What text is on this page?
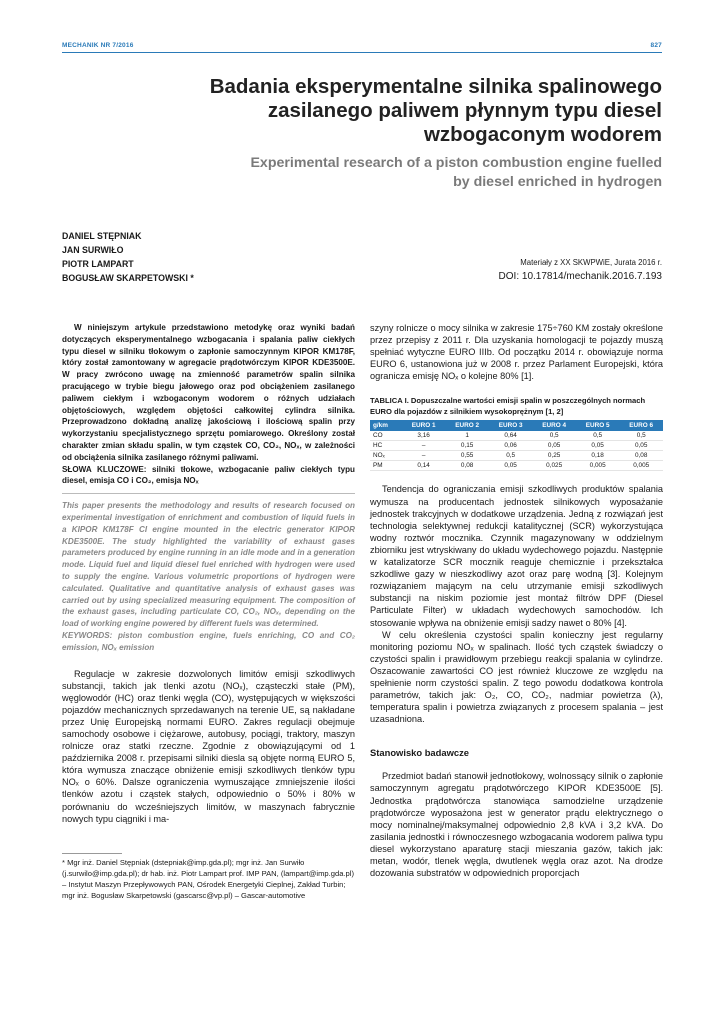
MECHANIK NR 7/2016	827
Badania eksperymentalne silnika spalinowego
zasilanego paliwem płynnym typu diesel
wzbogaconym wodorem
Experimental research of a piston combustion engine fuelled
by diesel enriched in hydrogen
DANIEL STĘPNIAK
JAN SURWIŁO
PIOTR LAMPART
BOGUSŁAW SKARPETOWSKI *
Materiały z XX SKWPWiE, Jurata 2016 r.
DOI: 10.17814/mechanik.2016.7.193

W niniejszym artykule przedstawiono metodykę oraz wyniki badań dotyczących eksperymentalnego wzbogacania i spalania paliw ciekłych typu diesel w silniku tłokowym o zapłonie samoczynnym KIPOR KM178F, który został zamontowany w agregacie prądotwórczym KIPOR KDE3500E. W pracy zwrócono uwagę na zmienność parametrów spalin silnika pracującego w trybie biegu jałowego oraz pod obciążeniem zasilanego paliwem ciekłym i wzbogaconym wodorem o różnych udziałach objętościowych, względem objętości całkowitej cylindra silnika. Przeprowadzono dokładną analizę jakościową i ilościową spalin przy wykorzystaniu specjalistycznego sprzętu pomiarowego. Określony został charakter zmian składu spalin, w tym cząstek CO, CO₂, NOₓ, w zależności od obciążenia silnika zasilanego różnymi paliwami.

SŁOWA KLUCZOWE: silniki tłokowe, wzbogacanie paliw ciekłych typu diesel, emisja CO i CO₂, emisja NOₓ

This paper presents the methodology and results of research focused on experimental investigation of enrichment and combustion of liquid fuels in a KIPOR KM178F CI engine mounted in the electric generator KIPOR KDE3500E. The study highlighted the variability of exhaust gases parameters produced by engine running in an idle mode and in a generation mode. Liquid fuel and liquid diesel fuel enriched with hydrogen were used to supply the engine. Various volumetric proportions of hydrogen were calculated. Qualitative and quantitative analysis of exhaust gases was carried out by using specialized measuring equipment. The composition of the exhaust gases, including particulate CO, CO₂, NOₓ, depending on the load of working engine powered by different fuels was determined.

KEYWORDS: piston combustion engine, fuels enriching, CO and CO₂ emission, NOₓ emission

Regulacje w zakresie dozwolonych limitów emisji szkodliwych substancji, takich jak tlenki azotu (NOₓ), cząsteczki stałe (PM), węglowodór (HC) oraz tlenki węgla (CO), występujących w większości pojazdów mechanicznych sprzedawanych na terenie UE, są nakładane przez Unię Europejską normami EURO. Zakres regulacji obejmuje samochody osobowe i ciężarowe, autobusy, pociągi, traktory, maszyn rolnicze oraz statki rzeczne. Zgodnie z obowiązującymi od 1 października 2008 r. przepisami silniki diesla są objęte normą EURO 5, która wymusza znaczące obniżenie emisji szkodliwych tlenków typu NOₓ o 60%. Dalsze ograniczenia wymuszające zmniejszenie ilości tlenków azotu i cząstek stałych, odpowiednio o 50% i 80% w porównaniu do wcześniejszych limitów, w maszynach fabrycznie nowych typu ciągniki i ma-

* Mgr inż. Daniel Stępniak (dstepniak@imp.gda.pl); mgr inż. Jan Surwiło (j.surwilo@imp.gda.pl); dr hab. inż. Piotr Lampart prof. IMP PAN, (lampart@imp.gda.pl) – Instytut Maszyn Przepływowych PAN, Ośrodek Energetyki Cieplnej, Zakład Turbin; mgr inż. Bogusław Skarpetowski (gascarsc@vp.pl) – Gascar-automotive

szyny rolnicze o mocy silnika w zakresie 175÷760 KM zostały określone przez przepisy z 2011 r. Dla uzyskania homologacji te pojazdy muszą spełniać wytyczne EURO IIIb. Od początku 2014 r. obowiązuje norma EURO 6, ustanowiona już w 2008 r. przez Parlament Europejski, która ogranicza emisję NOₓ o kolejne 80% [1].

TABLICA I. Dopuszczalne wartości emisji spalin w poszczególnych normach EURO dla pojazdów z silnikiem wysokoprężnym [1, 2]
g/km	EURO 1	EURO 2	EURO 3	EURO 4	EURO 5	EURO 6
CO	3,16	1	0,64	0,5	0,5	0,5
HC	–	0,15	0,06	0,05	0,05	0,05
NOₓ	–	0,55	0,5	0,25	0,18	0,08
PM	0,14	0,08	0,05	0,025	0,005	0,005

Tendencja do ograniczania emisji szkodliwych produktów spalania wymusza na producentach jednostek silnikowych wyposażanie jednostek trakcyjnych w dodatkowe urządzenia. Jedną z rozwiązań jest technologia selektywnej redukcji katalitycznej (SCR) wykorzystująca wodny roztwór mocznika. Czynnik magazynowany w oddzielnym zbiorniku jest wtryskiwany do układu wydechowego pojazdu. Następnie w katalizatorze SCR mocznik reaguje chemicznie i przekształca szkodliwe gazy w nieszkodliwy azot oraz parę wodną [3]. Kolejnym rozwiązaniem mającym na celu utrzymanie emisji szkodliwych substancji na niskim poziomie jest montaż filtrów DPF (Diesel Particulate Filter) w układach wydechowych samochodów. Ich stosowanie wpływa na obniżenie emisji sadzy nawet o 80% [4].

W celu określenia czystości spalin konieczny jest regularny monitoring poziomu NOₓ w spalinach. Ilość tych cząstek świadczy o czystości spalin i prawidłowym przebiegu reakcji spalania w cylindrze. Oszacowanie zawartości CO jest również kluczowe ze względu na spełnienie norm czystości spalin. Z tego powodu dodatkowa kontrola parametrów, takich jak: O₂, CO, CO₂, nadmiar powietrza (λ), temperatura spalin i powietrza związanych z procesem spalania – jest uzasadniona.

Stanowisko badawcze

Przedmiot badań stanowił jednotłokowy, wolnossący silnik o zapłonie samoczynnym agregatu prądotwórczego KIPOR KDE3500E [5]. Jednostka prądotwórcza stanowiąca samodzielne urządzenie prądotwórcze wyposażona jest w generator prądu elektrycznego o mocy nominalnej/maksymalnej odpowiednio 2,8 kVA i 3,2 kVA. Do zasilania jednostki i równoczesnego wzbogacania wodorem paliwa typu diesel wykorzystano aparaturę stacji mieszania gazów, takich jak: metan, wodór, tlenek węgla, dwutlenek węgla oraz azot. Na drodze dozowania substratów w odpowiednich proporcjach
